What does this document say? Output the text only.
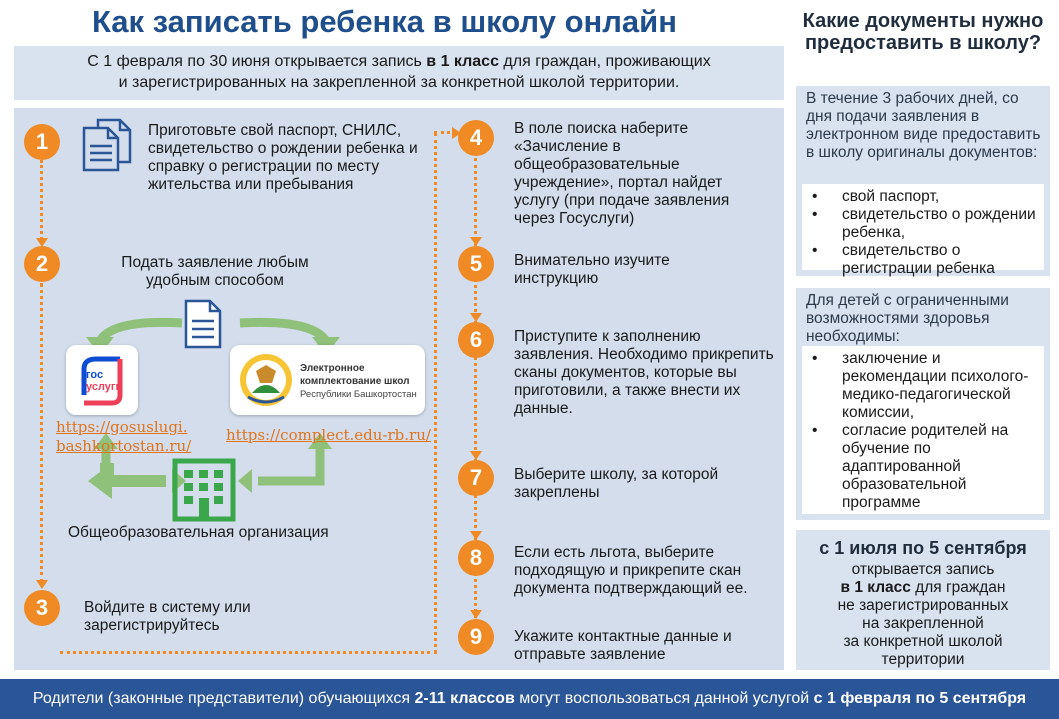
Как записать ребенка в школу онлайн
С 1 февраля по 30 июня открывается запись в 1 класс для граждан, проживающих
и зарегистрированных на закрепленной за конкретной школой территории.
1
2
3
4
5
6
7
8
9
Приготовьте свой паспорт, СНИЛС, свидетельство о рождении ребенка и справку о регистрации по месту жительства или пребывания
Подать заявление любым удобным способом
Войдите в систему или зарегистрируйтесь
В поле поиска наберите «Зачисление в общеобразовательные учреждение», портал найдет услугу (при подаче заявления через Госуслуги)
Внимательно изучите инструкцию
Приступите к заполнению заявления. Необходимо прикрепить сканы документов, которые вы приготовили, а также внести их данные.
Выберите школу, за которой закреплены
Если есть льгота, выберите подходящую и прикрепите скан документа подтверждающий ее.
Укажите контактные данные и отправьте заявление
гос
услуги
Электронное
комплектование школ
Республики Башкортостан
https://gosuslugi.
bashkortostan.ru/
https://complect.edu-rb.ru/
Общеобразовательная организация
Какие документы нужно предоставить в школу?
В течение 3 рабочих дней, со дня подачи заявления в электронном виде предоставить в школу оригиналы документов:
• свой паспорт,
• свидетельство о рождении ребенка,
• свидетельство о регистрации ребенка
Для детей с ограниченными возможностями здоровья необходимы:
• заключение и рекомендации психолого-медико-педагогической комиссии,
• согласие родителей на обучение по адаптированной образовательной программе
с 1 июля по 5 сентября
открывается запись
в 1 класс для граждан
не зарегистрированных
на закрепленной
за конкретной школой
территории
Родители (законные представители) обучающихся 2-11 классов могут воспользоваться данной услугой с 1 февраля по 5 сентября
